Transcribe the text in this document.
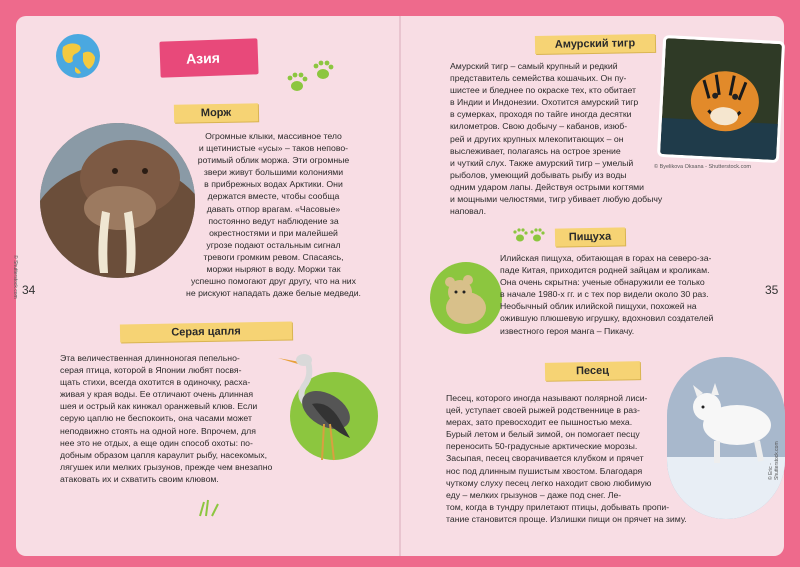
Азия
Морж
© Shutterstock.com
Огромные клыки, массивное тело
и щетинистые «усы» – таков непово-
ротимый облик моржа. Эти огромные
звери живут большими колониями
в прибрежных водах Арктики. Они
держатся вместе, чтобы сообща
давать отпор врагам. «Часовые»
постоянно ведут наблюдение за
окрестностями и при малейшей
угрозе подают остальным сигнал
тревоги громким ревом. Спасаясь,
моржи ныряют в воду. Моржи так
успешно помогают друг другу, что на них
не рискуют нападать даже белые медведи.
34	35
Серая цапля
Эта величественная длинноногая пепельно-
серая птица, которой в Японии любят посвя-
щать стихи, всегда охотится в одиночку, расха-
живая у края воды. Ее отличают очень длинная
шея и острый как кинжал оранжевый клюв. Если
серую цаплю не беспокоить, она часами может
неподвижно стоять на одной ноге. Впрочем, для
нее это не отдых, а еще один способ охоты: по-
добным образом цапля караулит рыбу, насекомых,
лягушек или мелких грызунов, прежде чем внезапно
атаковать их и схватить своим клювом.
Амурский тигр
© Byelikova Oksana - Shutterstock.com
Амурский тигр – самый крупный и редкий
представитель семейства кошачьих. Он пу-
шистее и бледнее по окраске тех, кто обитает
в Индии и Индонезии. Охотится амурский тигр
в сумерках, проходя по тайге иногда десятки
километров. Свою добычу – кабанов, изюб-
рей и других крупных млекопитающих – он
выслеживает, полагаясь на острое зрение
и чуткий слух. Также амурский тигр – умелый
рыболов, умеющий добывать рыбу из воды
одним ударом лапы. Действуя острыми когтями
и мощными челюстями, тигр убивает любую добычу наповал.
Пищуха
Илийская пищуха, обитающая в горах на северо-за-
паде Китая, приходится родней зайцам и кроликам.
Она очень скрытна: ученые обнаружили ее только
в начале 1980-х гг. и с тех пор видели около 30 раз.
Необычный облик илийской пищухи, похожей на
ожившую плюшевую игрушку, вдохновил создателей
известного героя манга – Пикачу.
Песец
© Eric - Shutterstock.com
Песец, которого иногда называют полярной лиси-
цей, уступает своей рыжей родственнице в раз-
мерах, зато превосходит ее пышностью меха.
Бурый летом и белый зимой, он помогает песцу
переносить 50-градусные арктические морозы.
Засыпая, песец сворачивается клубком и прячет
нос под длинным пушистым хвостом. Благодаря
чуткому слуху песец легко находит свою любимую
еду – мелких грызунов – даже под снег. Ле-
том, когда в тундру прилетают птицы, добывать пропи-
тание становится проще. Излишки пищи он прячет на зиму.
